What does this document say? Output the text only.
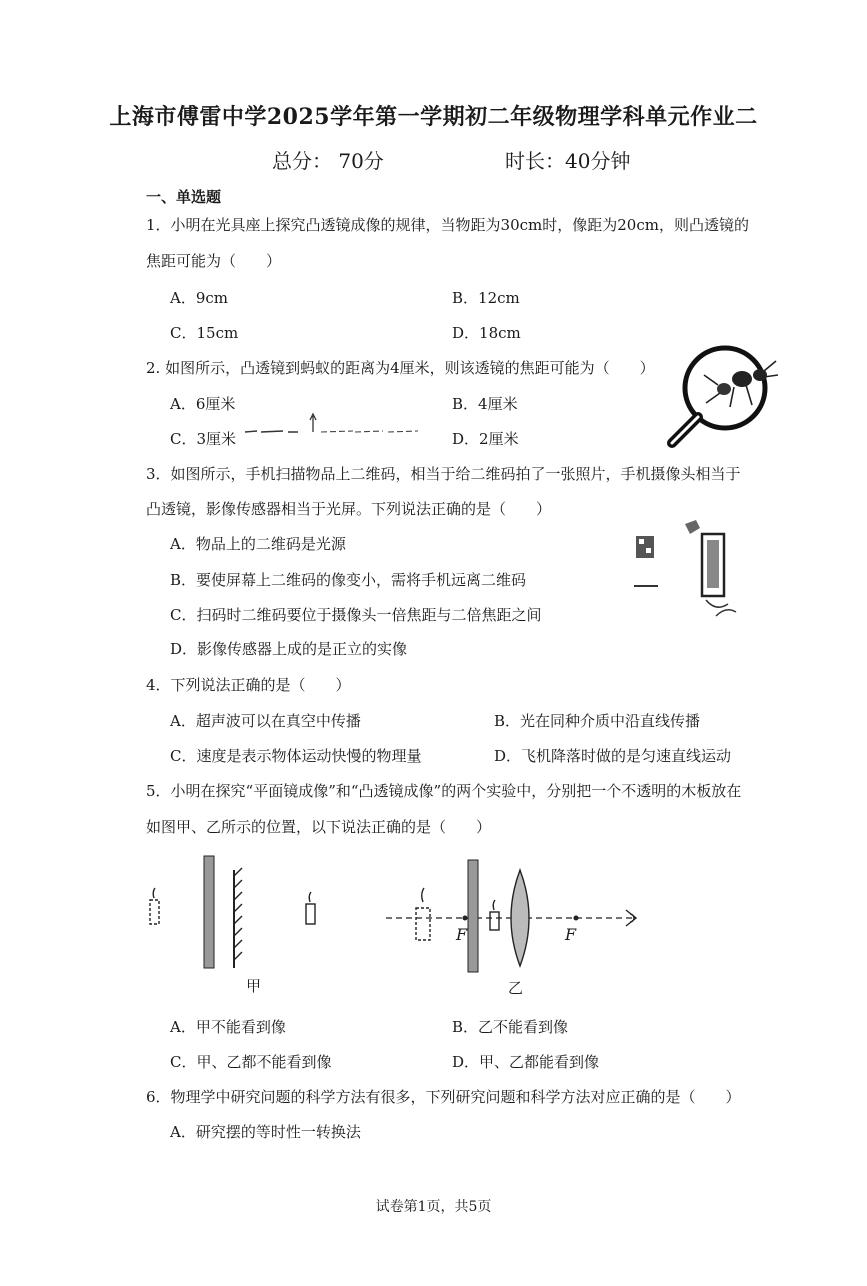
上海市傅雷中学2025学年第一学期初二年级物理学科单元作业二
总分： 70分	时长：40分钟
一、单选题
1．小明在光具座上探究凸透镜成像的规律，当物距为30cm时，像距为20cm，则凸透镜的
焦距可能为（　　）
A．9cm	B．12cm
C．15cm	D．18cm
2. 如图所示，凸透镜到蚂蚁的距离为4厘米，则该透镜的焦距可能为（　　）
A．6厘米	B．4厘米
C．3厘米	D．2厘米
3．如图所示，手机扫描物品上二维码，相当于给二维码拍了一张照片，手机摄像头相当于
凸透镜，影像传感器相当于光屏。下列说法正确的是（　　）
A．物品上的二维码是光源
B．要使屏幕上二维码的像变小，需将手机远离二维码
C．扫码时二维码要位于摄像头一倍焦距与二倍焦距之间
D．影像传感器上成的是正立的实像
4．下列说法正确的是（　　）
A．超声波可以在真空中传播	B．光在同种介质中沿直线传播
C．速度是表示物体运动快慢的物理量	D．飞机降落时做的是匀速直线运动
5．小明在探究“平面镜成像”和“凸透镜成像”的两个实验中，分别把一个不透明的木板放在
如图甲、乙所示的位置，以下说法正确的是（　　）
甲
F	F
乙
A．甲不能看到像	B．乙不能看到像
C．甲、乙都不能看到像	D．甲、乙都能看到像
6．物理学中研究问题的科学方法有很多，下列研究问题和科学方法对应正确的是（　　）
A．研究摆的等时性一转换法
试卷第1页，共5页
